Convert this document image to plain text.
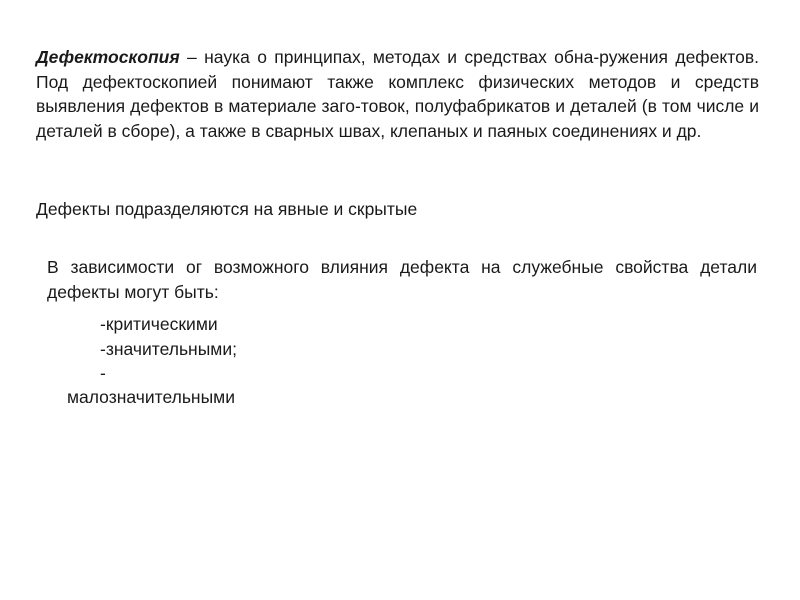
Дефектоскопия – наука о принципах, методах и средствах обна-ружения дефектов. Под дефектоскопией понимают также комплекс физических методов и средств выявления дефектов в материале заго-товок, полуфабрикатов и деталей (в том числе и деталей в сборе), а также в сварных швах, клепаных и паяных соединениях и др.
Дефекты подразделяются на явные и скрытые
В зависимости ог возможного влияния дефекта на служебные свойства детали дефекты могут быть:
-критическими
-значительными;
-
малозначительными
